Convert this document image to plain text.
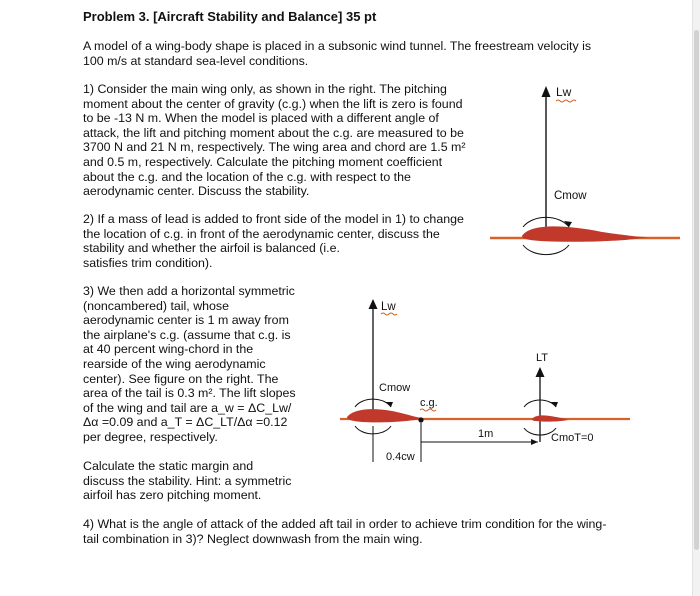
Problem 3. [Aircraft Stability and Balance] 35 pt
A model of a wing-body shape is placed in a subsonic wind tunnel. The freestream velocity is
100 m/s at standard sea-level conditions.
1) Consider the main wing only, as shown in the right. The pitching
moment about the center of gravity (c.g.) when the lift is zero is found
to be -13 N m. When the model is placed with a different angle of
attack, the lift and pitching moment about the c.g. are measured to be
3700 N and 21 N m, respectively. The wing area and chord are 1.5 m²
and 0.5 m, respectively. Calculate the pitching moment coefficient
about the c.g. and the location of the c.g. with respect to the
aerodynamic center. Discuss the stability.
2) If a mass of lead is added to front side of the model in 1) to change
the location of c.g. in front of the aerodynamic center, discuss the
stability and whether the airfoil is balanced (i.e.
satisfies trim condition).
3) We then add a horizontal symmetric
(noncambered) tail, whose
aerodynamic center is 1 m away from
the airplane's c.g. (assume that c.g. is
at 40 percent wing-chord in the
rearside of the wing aerodynamic
center). See figure on the right. The
area of the tail is 0.3 m². The lift slopes
of the wing and tail are a_w = ΔC_Lw/
Δα =0.09 and a_T = ΔC_LT/Δα =0.12
per degree, respectively.
Calculate the static margin and
discuss the stability. Hint: a symmetric
airfoil has zero pitching moment.
4) What is the angle of attack of the added aft tail in order to achieve trim condition for the wing-
tail combination in 3)? Neglect downwash from the main wing.
Lw
Cmow
Lw
Cmow
c.g.
0.4cw
1m
LT
CmoT=0
